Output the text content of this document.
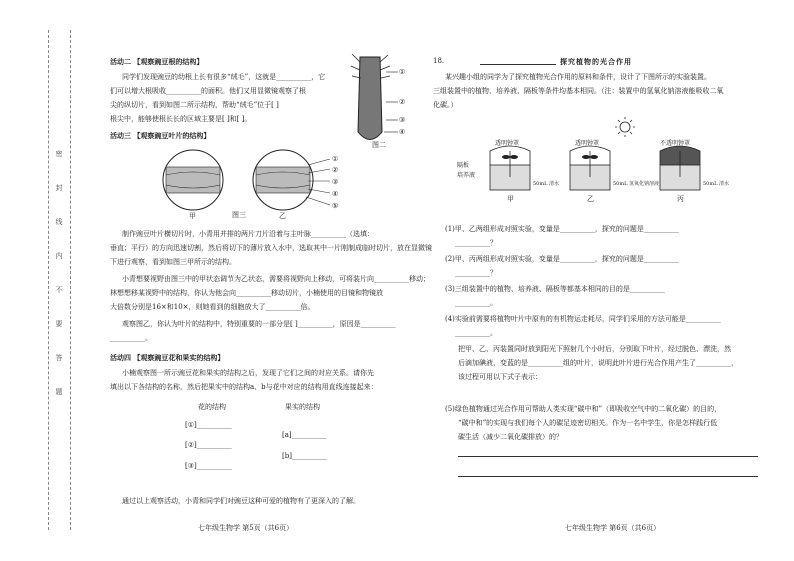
密
封
线
内
不
要
答
题
活动二 【观察豌豆根的结构】
同学们发现豌豆的幼根上长有很多“绒毛”，这就是__________，它
们可以增大根吸收__________的面积。他们又用显微镜观察了根
尖的纵切片，看到如图二所示结构，帮助“绒毛”位于[ ]
根尖中，能够使根长长的区域主要是[ ]和[ ]。
①
②
③
④
图二
活动三 【观察豌豆叶片的结构】
①
②
③
④
⑤
甲	乙
图三
制作豌豆叶片横切片时，小青用并排的两片刀片沿着与主叶脉__________（选填：
垂直；平行）的方向迅速切割，然后将切下的薄片放入水中，选取其中一片刚制成临时切片，放在显微镜
下进行观察，看到如图三甲所示的结构。
小青想要视野由图三中的甲状态调节为乙状态，需要将视野向上移动，可将装片向__________移动；
林想想移某视野中的结构，你认为他会向__________移动切片，小楠使用的目镜和物镜放
大倍数分别是16×和10×，则她看到的细胞放大了__________倍。
观察图乙，你认为叶片的结构中，特别重要的一部分是[ ]__________，原因是__________
__________。
活动四 【观察豌豆花和果实的结构】
小楠观察图一所示豌豆花和果实的结构之后，发现了它们之间的对应关系。请你先
填出以下各结构的名称，然后把果实中的结构a、b与花中对应的结构用直线连接起来：
花的结构	果实的结构
[①]__________
[②]__________
[③]__________
[a]__________
[b]__________
通过以上观察活动，小青和同学们对豌豆这种可爱的植物有了更深入的了解。
七年级生物学 第5页（共6页）
18.	探究植物的光合作用
某兴趣小组的同学为了探究植物光合作用的原料和条件，设计了下图所示的实验装置。
三组装置中的植物、培养液、隔板等条件均基本相同。（注：装置中的氢氧化钠溶液能吸收二氧
化碳。）
透明钟罩	透明钟罩	不透明钟罩
隔板
培养液
50mL 清水	50mL 氢氧化钠溶液	50mL 清水
甲	乙	丙
(1)甲、乙两组形成对照实验，变量是__________，探究的问题是__________
__________？
(2)甲、丙两组形成对照实验，变量是__________，探究的问题是__________
__________？
(3)三组装置中的植物、培养液、隔板等都基本相同的目的是__________
__________。
(4)实验前需要将植物叶片中原有的有机物运走耗尽，同学们采用的方法可能是__________
__________。
把甲、乙、丙装置同时放到阳光下照射几个小时后，分别取下叶片，经过脱色、漂洗，然
后滴加碘液，变蓝的是__________组的叶片，说明此叶片进行光合作用产生了__________，
该过程可用以下式子表示：
(5)绿色植物通过光合作用可帮助人类实现“碳中和”（即吸收空气中的二氧化碳）的目的，
“碳中和”的实现与我们每个人的碳足迹密切相关。作为一名中学生，你是怎样践行低
碳生活（减少二氧化碳排放）的？
七年级生物学 第6页（共6页）
